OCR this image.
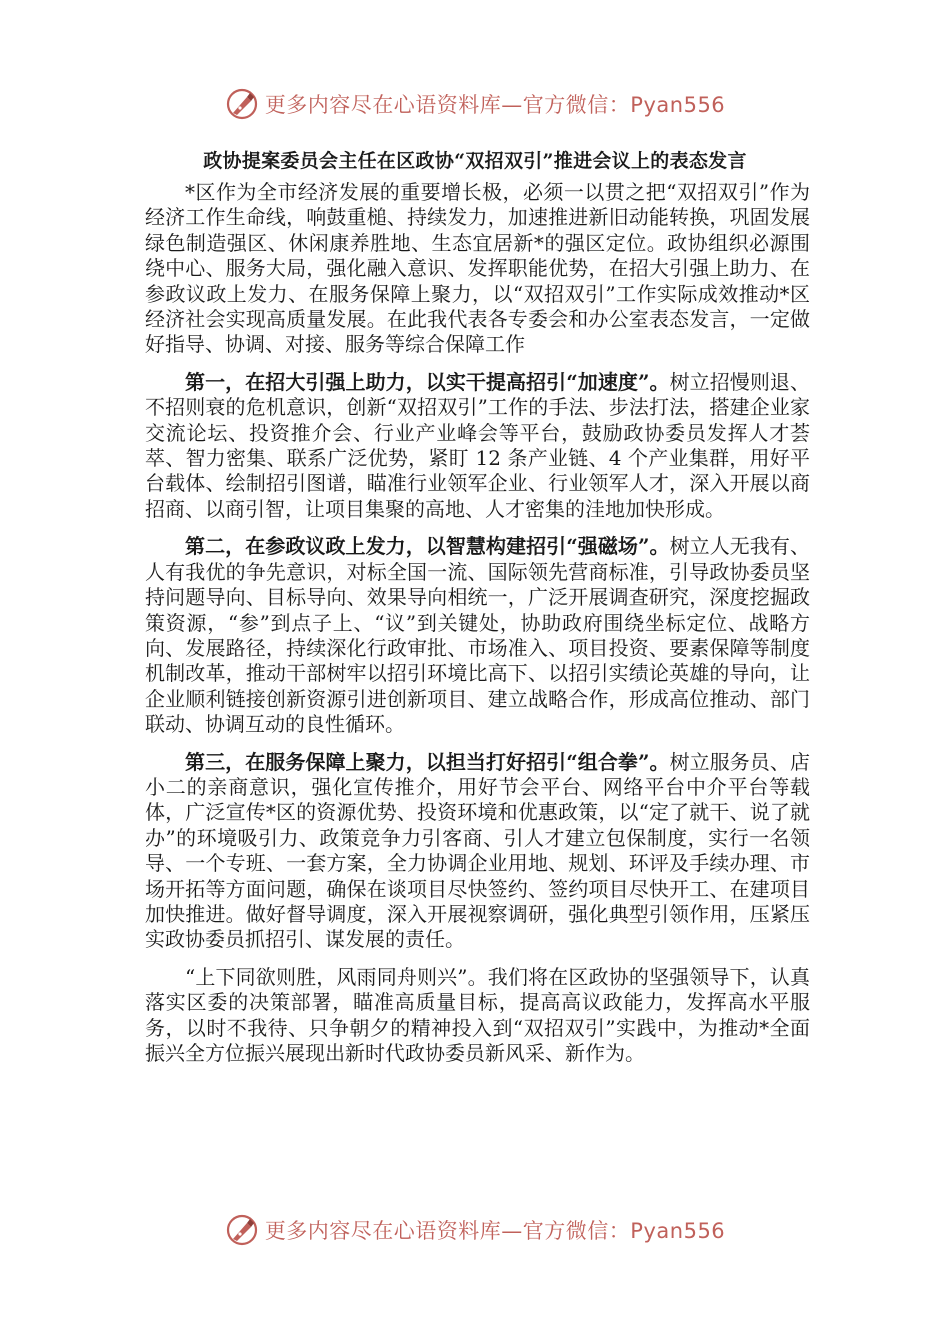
更多内容尽在心语资料库—官方微信：Pyan556
政协提案委员会主任在区政协“双招双引”推进会议上的表态发言

*区作为全市经济发展的重要增长极，必须一以贯之把“双招双引”作为经济工作生命线，响鼓重槌、持续发力，加速推进新旧动能转换，巩固发展绿色制造强区、休闲康养胜地、生态宜居新*的强区定位。政协组织必源围绕中心、服务大局，强化融入意识、发挥职能优势，在招大引强上助力、在参政议政上发力、在服务保障上聚力，以“双招双引”工作实际成效推动*区经济社会实现高质量发展。在此我代表各专委会和办公室表态发言，一定做好指导、协调、对接、服务等综合保障工作

第一，在招大引强上助力，以实干提高招引“加速度”。树立招慢则退、不招则衰的危机意识，创新“双招双引”工作的手法、步法打法，搭建企业家交流论坛、投资推介会、行业产业峰会等平台，鼓励政协委员发挥人才荟萃、智力密集、联系广泛优势，紧盯 12 条产业链、4 个产业集群，用好平台载体、绘制招引图谱，瞄准行业领军企业、行业领军人才，深入开展以商招商、以商引智，让项目集聚的高地、人才密集的洼地加快形成。

第二，在参政议政上发力，以智慧构建招引“强磁场”。树立人无我有、人有我优的争先意识，对标全国一流、国际领先营商标准，引导政协委员坚持问题导向、目标导向、效果导向相统一，广泛开展调查研究，深度挖掘政策资源，“参”到点子上、“议”到关键处，协助政府围绕坐标定位、战略方向、发展路径，持续深化行政审批、市场准入、项目投资、要素保障等制度机制改革，推动干部树牢以招引环境比高下、以招引实绩论英雄的导向，让企业顺利链接创新资源引进创新项目、建立战略合作，形成高位推动、部门联动、协调互动的良性循环。

第三，在服务保障上聚力，以担当打好招引“组合拳”。树立服务员、店小二的亲商意识，强化宣传推介，用好节会平台、网络平台中介平台等载体，广泛宣传*区的资源优势、投资环境和优惠政策，以“定了就干、说了就办”的环境吸引力、政策竞争力引客商、引人才建立包保制度，实行一名领导、一个专班、一套方案，全力协调企业用地、规划、环评及手续办理、市场开拓等方面问题，确保在谈项目尽快签约、签约项目尽快开工、在建项目加快推进。做好督导调度，深入开展视察调研，强化典型引领作用，压紧压实政协委员抓招引、谋发展的责任。

“上下同欲则胜，风雨同舟则兴”。我们将在区政协的坚强领导下，认真落实区委的决策部署，瞄准高质量目标，提高高议政能力，发挥高水平服务，以时不我待、只争朝夕的精神投入到“双招双引”实践中，为推动*全面振兴全方位振兴展现出新时代政协委员新风采、新作为。

更多内容尽在心语资料库—官方微信：Pyan556
